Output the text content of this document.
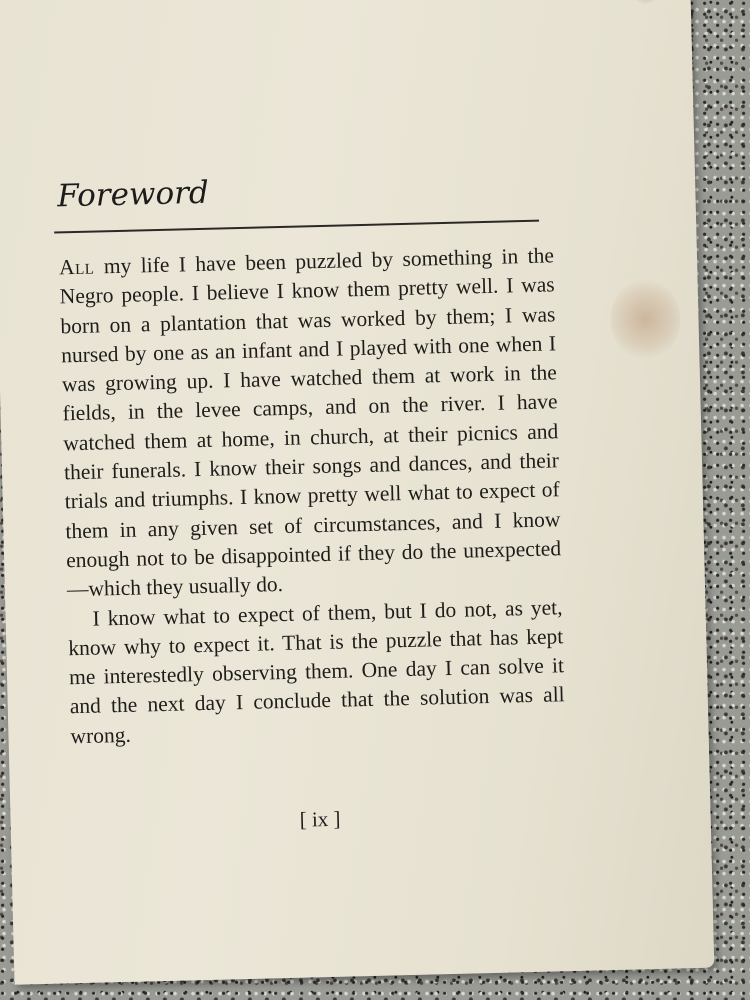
Foreword

All my life I have been puzzled by something in the Negro people. I believe I know them pretty well. I was born on a plantation that was worked by them; I was nursed by one as an infant and I played with one when I was growing up. I have watched them at work in the fields, in the levee camps, and on the river. I have watched them at home, in church, at their picnics and their funerals. I know their songs and dances, and their trials and triumphs. I know pretty well what to expect of them in any given set of circumstances, and I know enough not to be disappointed if they do the unexpected—which they usually do.

I know what to expect of them, but I do not, as yet, know why to expect it. That is the puzzle that has kept me interestedly observing them. One day I can solve it and the next day I conclude that the solution was all wrong.

[ ix ]
